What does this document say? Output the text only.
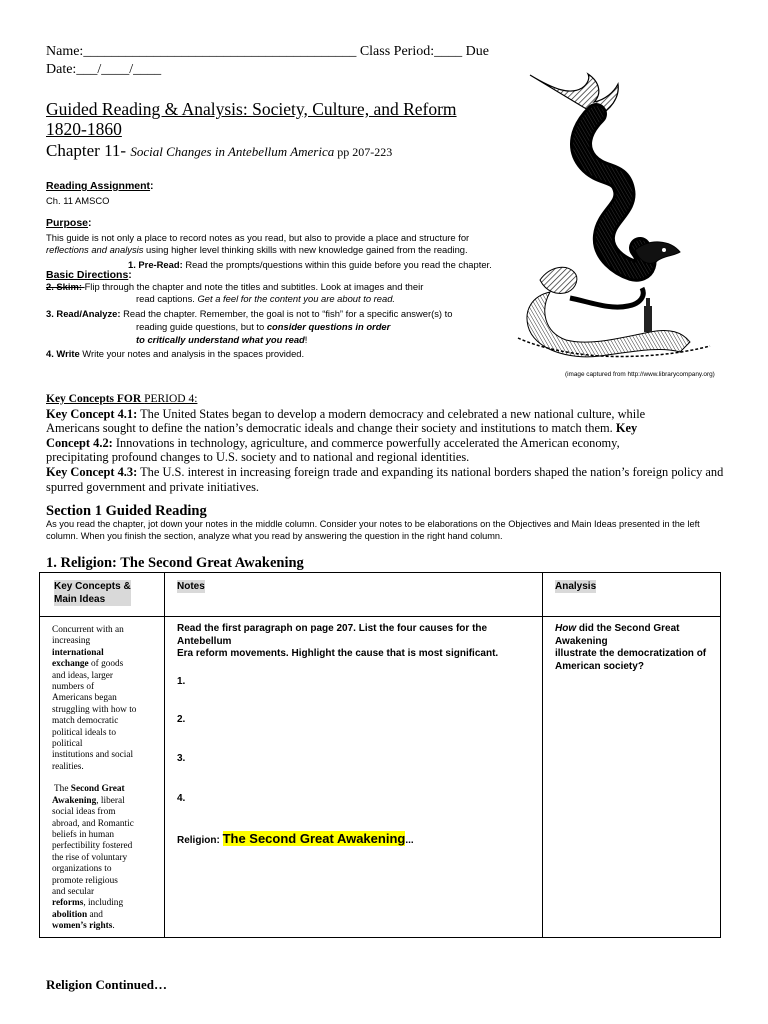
Name:_______________________________________ Class Period:____ Due
Date:___/____/____
Guided Reading & Analysis: Society, Culture, and Reform
1820-1860
Chapter 11- Social Changes in Antebellum America pp 207-223
Reading Assignment:
Ch. 11 AMSCO
Purpose:
This guide is not only a place to record notes as you read, but also to provide a place and structure for
reflections and analysis using higher level thinking skills with new knowledge gained from the reading.
1. Pre-Read: Read the prompts/questions within this guide before you read the chapter.
Basic Directions:
2. Skim: Flip through the chapter and note the titles and subtitles. Look at images and their
read captions. Get a feel for the content you are about to read.
3. Read/Analyze: Read the chapter. Remember, the goal is not to “fish” for a specific answer(s) to
reading guide questions, but to consider questions in order
to critically understand what you read!
4. Write Write your notes and analysis in the spaces provided.
(image captured from http://www.librarycompany.org)
Key Concepts FOR PERIOD 4:
Key Concept 4.1: The United States began to develop a modern democracy and celebrated a new national culture, while
Americans sought to define the nation’s democratic ideals and change their society and institutions to match them. Key
Concept 4.2: Innovations in technology, agriculture, and commerce powerfully accelerated the American economy,
precipitating profound changes to U.S. society and to national and regional identities.
Key Concept 4.3: The U.S. interest in increasing foreign trade and expanding its national borders shaped the nation’s foreign policy and
spurred government and private initiatives.
Section 1 Guided Reading
As you read the chapter, jot down your notes in the middle column. Consider your notes to be elaborations on the Objectives and Main Ideas presented in the left
column. When you finish the section, analyze what you read by answering the question in the right hand column.
1. Religion: The Second Great Awakening
Key Concepts &
Main Ideas
Notes	Analysis
Concurrent with an
increasing
international
exchange of goods
and ideas, larger
numbers of
Americans began
struggling with how to
match democratic
political ideals to
political
institutions and social
realities.
The Second Great
Awakening, liberal
social ideas from
abroad, and Romantic
beliefs in human
perfectibility fostered
the rise of voluntary
organizations to
promote religious
and secular
reforms, including
abolition and
women’s rights.
Read the first paragraph on page 207. List the four causes for the Antebellum
Era reform movements. Highlight the cause that is most significant.
1.
2.
3.
4.
Religion: The Second Great Awakening...
How did the Second Great Awakening
illustrate the democratization of
American society?
Religion Continued…
